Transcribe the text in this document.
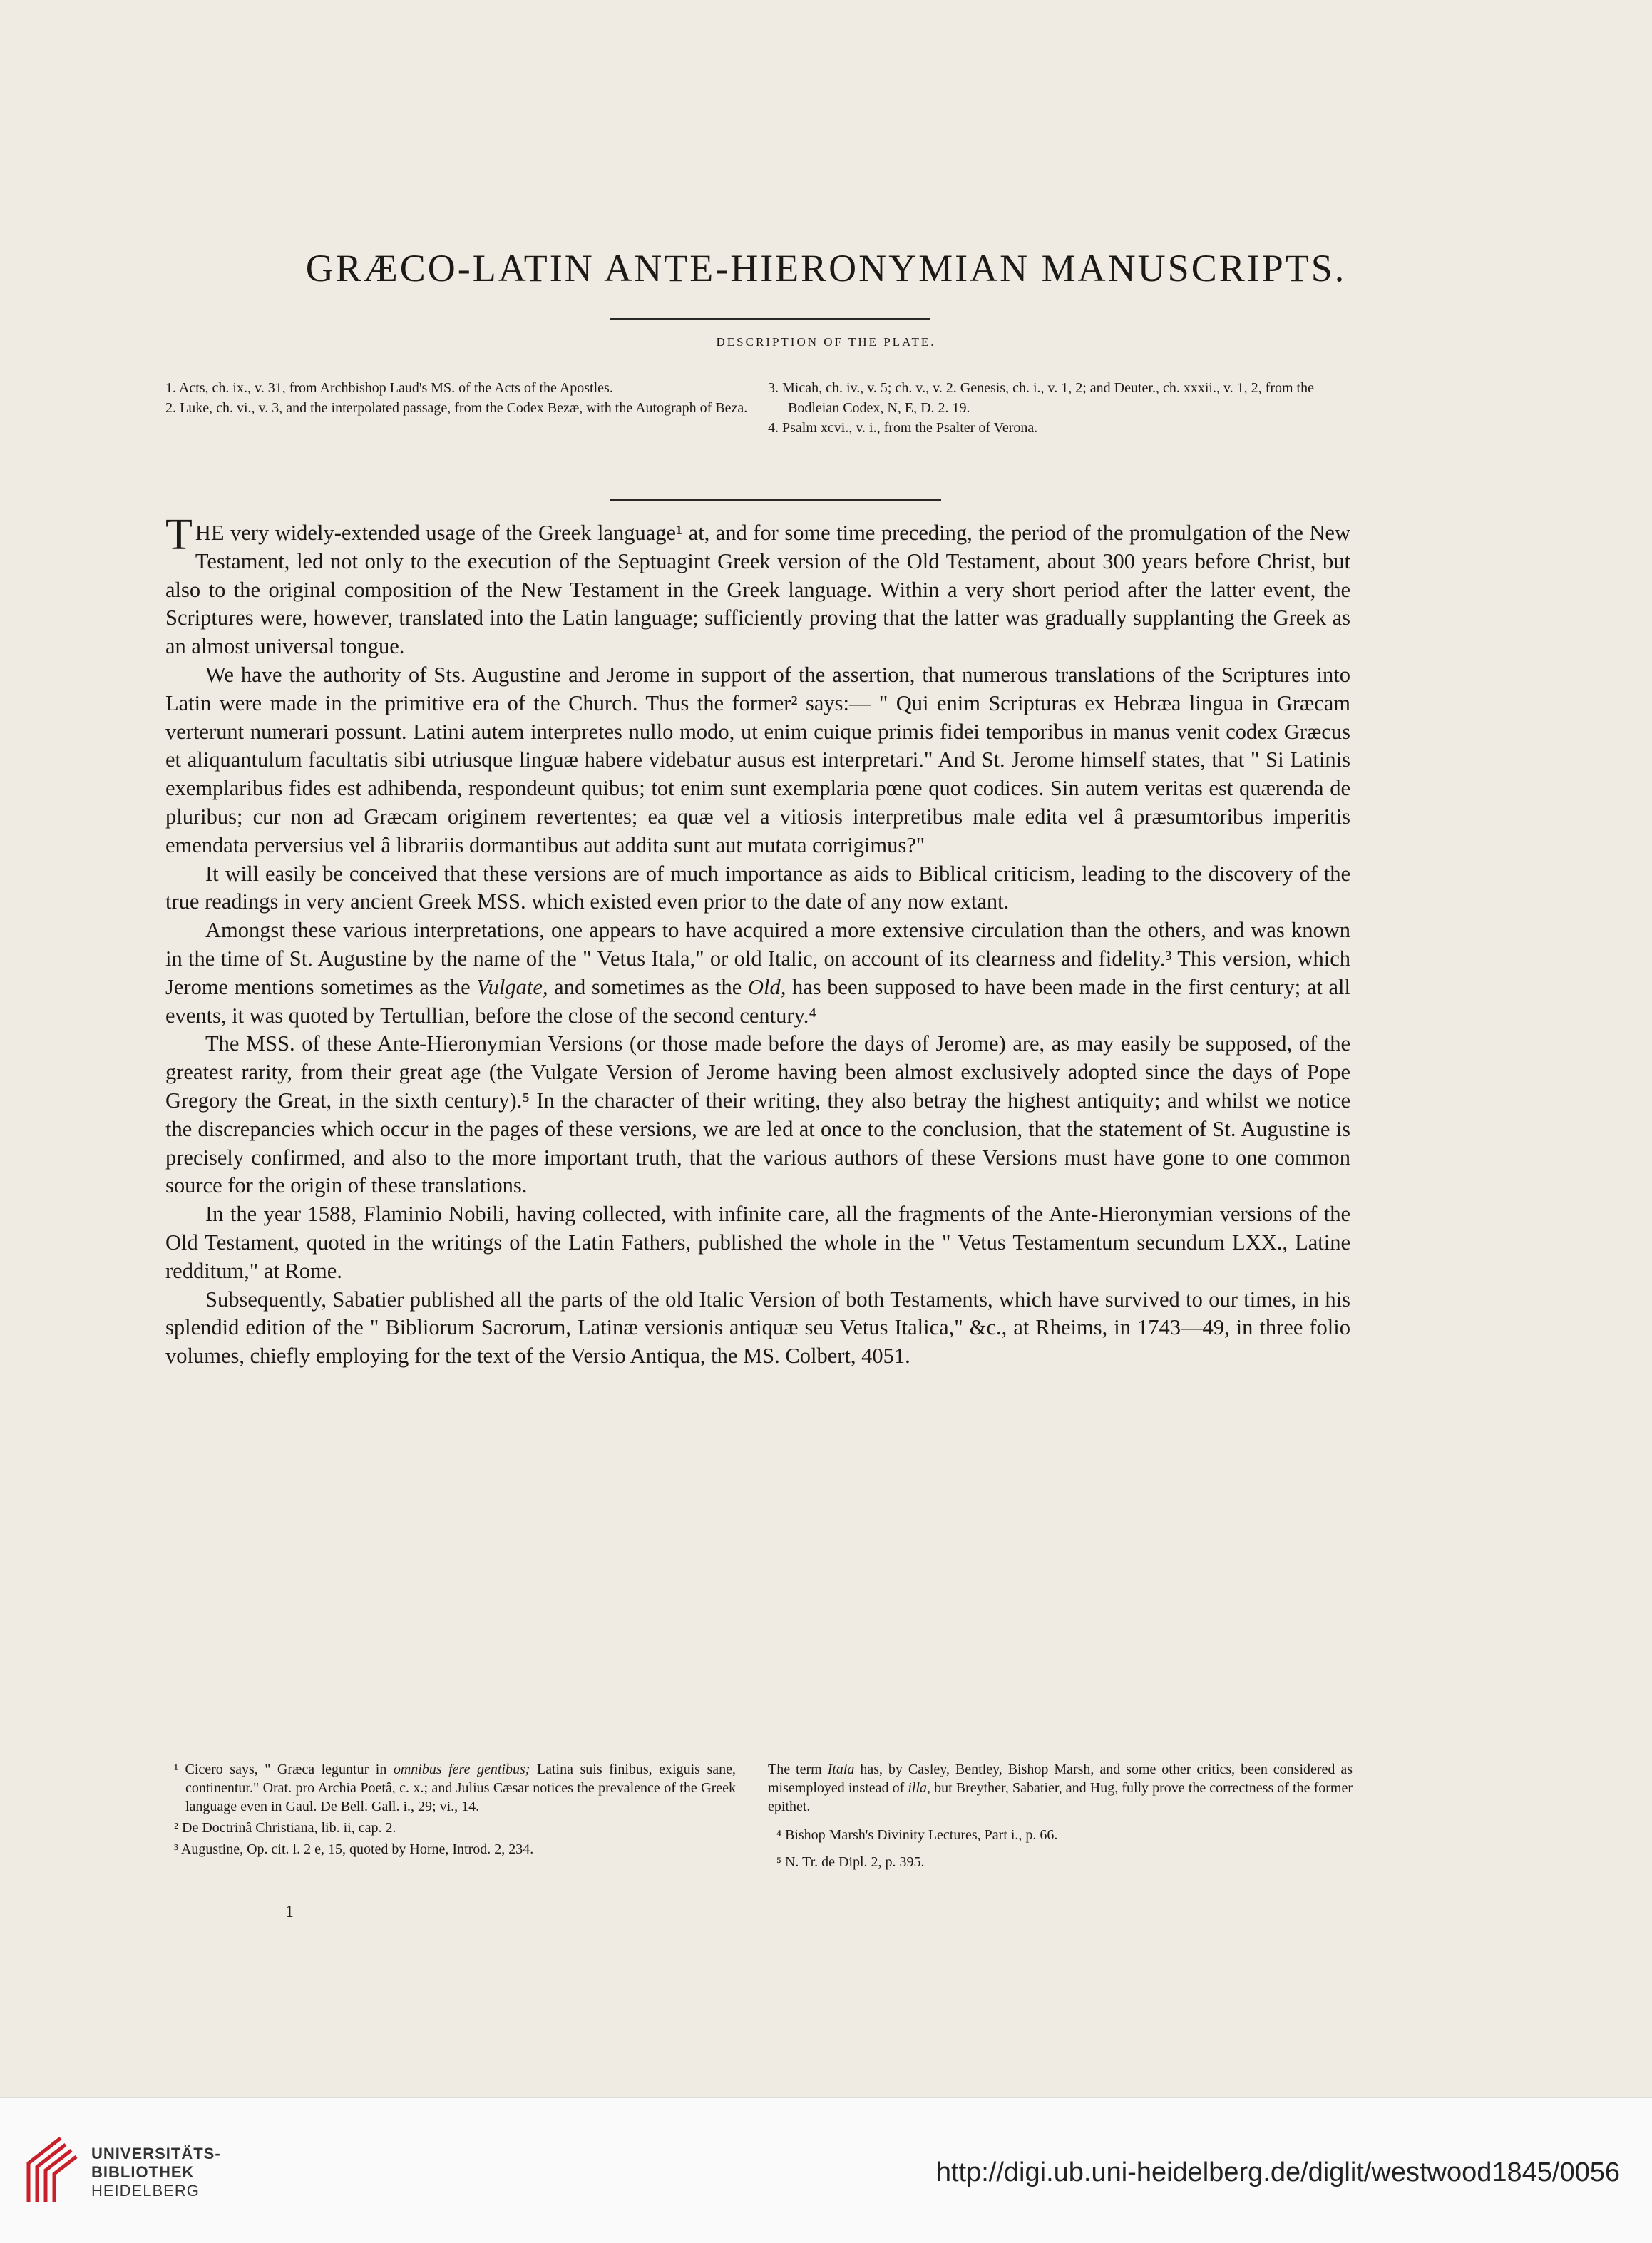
GRÆCO-LATIN ANTE-HIERONYMIAN MANUSCRIPTS.
DESCRIPTION OF THE PLATE.
1. Acts, ch. ix., v. 31, from Archbishop Laud's MS. of the Acts of the Apostles.
2. Luke, ch. vi., v. 3, and the interpolated passage, from the Codex Bezæ, with the Autograph of Beza.
3. Micah, ch. iv., v. 5; ch. v., v. 2. Genesis, ch. i., v. 1, 2; and Deuter., ch. xxxii., v. 1, 2, from the Bodleian Codex, N, E, D. 2. 19.
4. Psalm xcvi., v. i., from the Psalter of Verona.

THE very widely-extended usage of the Greek language¹ at, and for some time preceding, the period of the promulgation of the New Testament, led not only to the execution of the Septuagint Greek version of the Old Testament, about 300 years before Christ, but also to the original composition of the New Testament in the Greek language. Within a very short period after the latter event, the Scriptures were, however, translated into the Latin language; sufficiently proving that the latter was gradually supplanting the Greek as an almost universal tongue.

We have the authority of Sts. Augustine and Jerome in support of the assertion, that numerous translations of the Scriptures into Latin were made in the primitive era of the Church. Thus the former² says:— " Qui enim Scripturas ex Hebræa lingua in Græcam verterunt numerari possunt. Latini autem interpretes nullo modo, ut enim cuique primis fidei temporibus in manus venit codex Græcus et aliquantulum facultatis sibi utriusque linguæ habere videbatur ausus est interpretari." And St. Jerome himself states, that " Si Latinis exemplaribus fides est adhibenda, respondeunt quibus; tot enim sunt exemplaria pœne quot codices. Sin autem veritas est quærenda de pluribus; cur non ad Græcam originem revertentes; ea quæ vel a vitiosis interpretibus male edita vel â præsumtoribus imperitis emendata perversius vel â librariis dormantibus aut addita sunt aut mutata corrigimus?"

It will easily be conceived that these versions are of much importance as aids to Biblical criticism, leading to the discovery of the true readings in very ancient Greek MSS. which existed even prior to the date of any now extant.

Amongst these various interpretations, one appears to have acquired a more extensive circulation than the others, and was known in the time of St. Augustine by the name of the " Vetus Itala," or old Italic, on account of its clearness and fidelity.³ This version, which Jerome mentions sometimes as the Vulgate, and sometimes as the Old, has been supposed to have been made in the first century; at all events, it was quoted by Tertullian, before the close of the second century.⁴

The MSS. of these Ante-Hieronymian Versions (or those made before the days of Jerome) are, as may easily be supposed, of the greatest rarity, from their great age (the Vulgate Version of Jerome having been almost exclusively adopted since the days of Pope Gregory the Great, in the sixth century).⁵ In the character of their writing, they also betray the highest antiquity; and whilst we notice the discrepancies which occur in the pages of these versions, we are led at once to the conclusion, that the statement of St. Augustine is precisely confirmed, and also to the more important truth, that the various authors of these Versions must have gone to one common source for the origin of these translations.

In the year 1588, Flaminio Nobili, having collected, with infinite care, all the fragments of the Ante-Hieronymian versions of the Old Testament, quoted in the writings of the Latin Fathers, published the whole in the " Vetus Testamentum secundum LXX., Latine redditum," at Rome.

Subsequently, Sabatier published all the parts of the old Italic Version of both Testaments, which have survived to our times, in his splendid edition of the " Bibliorum Sacrorum, Latinæ versionis antiquæ seu Vetus Italica," &c., at Rheims, in 1743—49, in three folio volumes, chiefly employing for the text of the Versio Antiqua, the MS. Colbert, 4051.

¹ Cicero says, " Græca leguntur in omnibus fere gentibus; Latina suis finibus, exiguis sane, continentur." Orat. pro Archia Poetâ, c. x.; and Julius Cæsar notices the prevalence of the Greek language even in Gaul. De Bell. Gall. i., 29; vi., 14.
² De Doctrinâ Christiana, lib. ii, cap. 2.
³ Augustine, Op. cit. l. 2 e, 15, quoted by Horne, Introd. 2, 234.
The term Itala has, by Casley, Bentley, Bishop Marsh, and some other critics, been considered as misemployed instead of illa, but Breyther, Sabatier, and Hug, fully prove the correctness of the former epithet.
⁴ Bishop Marsh's Divinity Lectures, Part i., p. 66.
⁵ N. Tr. de Dipl. 2, p. 395.
1
UNIVERSITÄTS-
BIBLIOTHEK
HEIDELBERG
http://digi.ub.uni-heidelberg.de/diglit/westwood1845/0056
